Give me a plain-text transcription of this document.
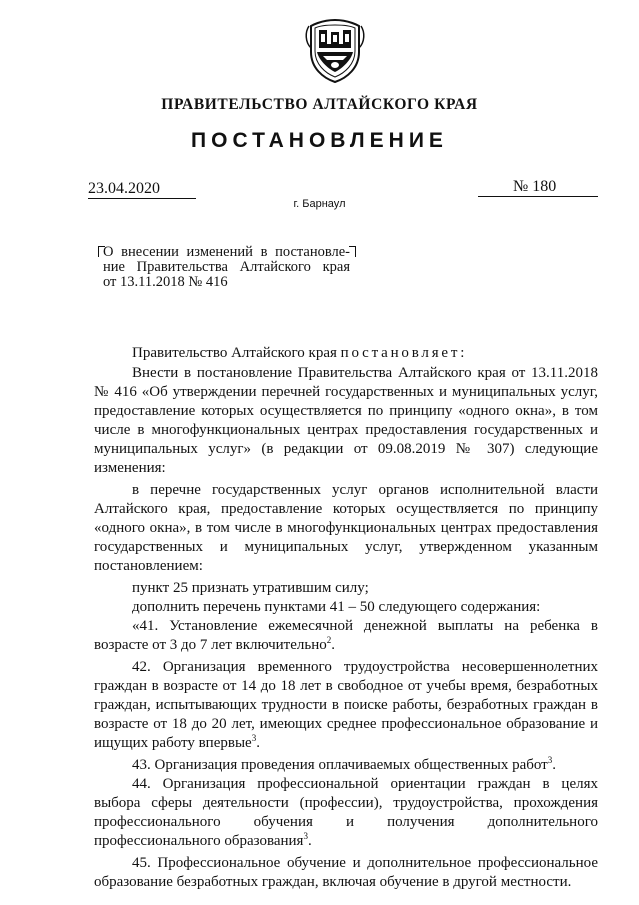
ПРАВИТЕЛЬСТВО АЛТАЙСКОГО КРАЯ
ПОСТАНОВЛЕНИЕ
23.04.2020	№ 180
г. Барнаул
О внесении изменений в постановле-
ние Правительства Алтайского края
от 13.11.2018 № 416

Правительство Алтайского края постановляет:

Внести в постановление Правительства Алтайского края от 13.11.2018 № 416 «Об утверждении перечней государственных и муниципальных услуг, предоставление которых осуществляется по принципу «одного окна», в том числе в многофункциональных центрах предоставления государственных и муниципальных услуг» (в редакции от 09.08.2019 № 307) следующие изменения:

в перечне государственных услуг органов исполнительной власти Алтайского края, предоставление которых осуществляется по принципу «одного окна», в том числе в многофункциональных центрах предоставления государственных и муниципальных услуг, утвержденном указанным постановлением:

пункт 25 признать утратившим силу;

дополнить перечень пунктами 41 – 50 следующего содержания:

«41. Установление ежемесячной денежной выплаты на ребенка в возрасте от 3 до 7 лет включительно$^2$.

42. Организация временного трудоустройства несовершеннолетних граждан в возрасте от 14 до 18 лет в свободное от учебы время, безработных граждан, испытывающих трудности в поиске работы, безработных граждан в возрасте от 18 до 20 лет, имеющих среднее профессиональное образование и ищущих работу впервые$^3$.

43. Организация проведения оплачиваемых общественных работ$^3$.

44. Организация профессиональной ориентации граждан в целях выбора сферы деятельности (профессии), трудоустройства, прохождения профессионального обучения и получения дополнительного профессионального образования$^3$.

45. Профессиональное обучение и дополнительное профессиональное образование безработных граждан, включая обучение в другой местности.
